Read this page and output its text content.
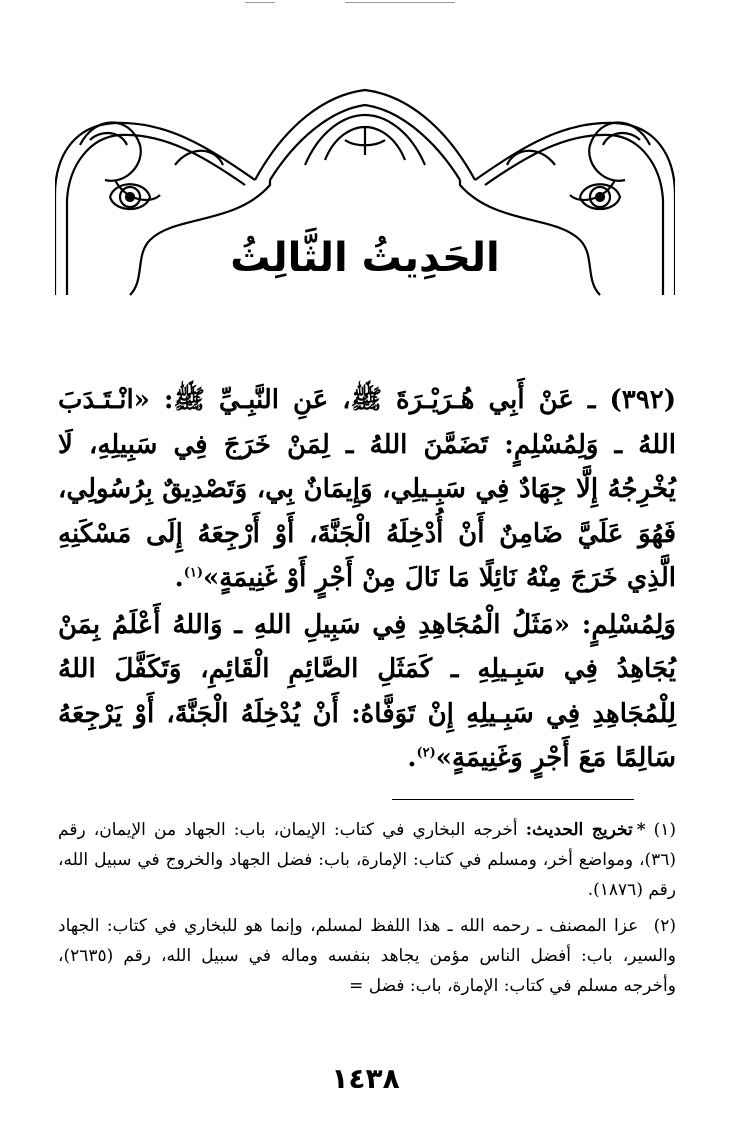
الحَدِيثُ الثَّالِثُ

(٣٩٢) ـ عَنْ أَبِي هُـرَيْـرَةَ ﷺ، عَنِ النَّبِـيِّ ﷺ: «انْـتَـدَبَ اللهُ ـ وَلِمُسْلِمٍ: تَضَمَّنَ اللهُ ـ لِمَنْ خَرَجَ فِي سَبِيلِهِ، لَا يُخْرِجُهُ إِلَّا جِهَادٌ فِي سَبِـيلِي، وَإِيمَانٌ بِي، وَتَصْدِيقٌ بِرُسُولِي، فَهُوَ عَلَيَّ ضَامِنٌ أَنْ أُدْخِلَهُ الْجَنَّةَ، أَوْ أَرْجِعَهُ إِلَى مَسْكَنِهِ الَّذِي خَرَجَ مِنْهُ نَائِلًا مَا نَالَ مِنْ أَجْرٍ أَوْ غَنِيمَةٍ»$^{(١)}$.

وَلِمُسْلِمٍ: «مَثَلُ الْمُجَاهِدِ فِي سَبِيلِ اللهِ ـ وَاللهُ أَعْلَمُ بِمَنْ يُجَاهِدُ فِي سَبِـيلِهِ ـ كَمَثَلِ الصَّائِمِ الْقَائِمِ، وَتَكَفَّلَ اللهُ لِلْمُجَاهِدِ فِي سَبِـيلِهِ إِنْ تَوَفَّاهُ: أَنْ يُدْخِلَهُ الْجَنَّةَ، أَوْ يَرْجِعَهُ سَالِمًا مَعَ أَجْرٍ وَغَنِيمَةٍ»$^{(٢)}$.

(١)*تخريج الحديث: أخرجه البخاري في كتاب: الإيمان، باب: الجهاد من الإيمان، رقم (٣٦)، ومواضع أخر، ومسلم في كتاب: الإمارة، باب: فضل الجهاد والخروج في سبيل الله، رقم (١٨٧٦).

(٢) عزا المصنف ـ رحمه الله ـ هذا اللفظ لمسلم، وإنما هو للبخاري في كتاب: الجهاد والسير، باب: أفضل الناس مؤمن يجاهد بنفسه وماله في سبيل الله، رقم (٢٦٣٥)، وأخرجه مسلم في كتاب: الإمارة، باب: فضل =

١٤٣٨
